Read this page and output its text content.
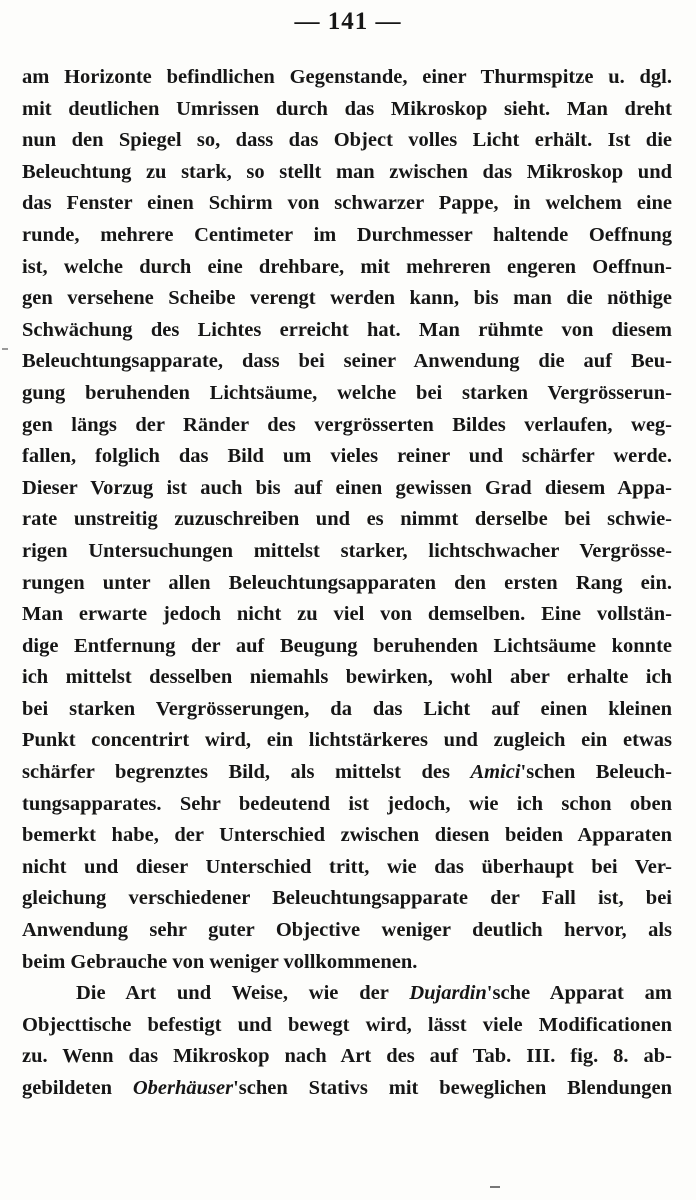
— 141 —
am Horizonte befindlichen Gegenstande, einer Thurmspitze u. dgl.
mit deutlichen Umrissen durch das Mikroskop sieht. Man dreht
nun den Spiegel so, dass das Object volles Licht erhält. Ist die
Beleuchtung zu stark, so stellt man zwischen das Mikroskop und
das Fenster einen Schirm von schwarzer Pappe, in welchem eine
runde, mehrere Centimeter im Durchmesser haltende Oeffnung
ist, welche durch eine drehbare, mit mehreren engeren Oeffnun-
gen versehene Scheibe verengt werden kann, bis man die nöthige
Schwächung des Lichtes erreicht hat. Man rühmte von diesem
Beleuchtungsapparate, dass bei seiner Anwendung die auf Beu-
gung beruhenden Lichtsäume, welche bei starken Vergrösserun-
gen längs der Ränder des vergrösserten Bildes verlaufen, weg-
fallen, folglich das Bild um vieles reiner und schärfer werde.
Dieser Vorzug ist auch bis auf einen gewissen Grad diesem Appa-
rate unstreitig zuzuschreiben und es nimmt derselbe bei schwie-
rigen Untersuchungen mittelst starker, lichtschwacher Vergrösse-
rungen unter allen Beleuchtungsapparaten den ersten Rang ein.
Man erwarte jedoch nicht zu viel von demselben. Eine vollstän-
dige Entfernung der auf Beugung beruhenden Lichtsäume konnte
ich mittelst desselben niemahls bewirken, wohl aber erhalte ich
bei starken Vergrösserungen, da das Licht auf einen kleinen
Punkt concentrirt wird, ein lichtstärkeres und zugleich ein etwas
schärfer begrenztes Bild, als mittelst des Amici'schen Beleuch-
tungsapparates. Sehr bedeutend ist jedoch, wie ich schon oben
bemerkt habe, der Unterschied zwischen diesen beiden Apparaten
nicht und dieser Unterschied tritt, wie das überhaupt bei Ver-
gleichung verschiedener Beleuchtungsapparate der Fall ist, bei
Anwendung sehr guter Objective weniger deutlich hervor, als
beim Gebrauche von weniger vollkommenen.
Die Art und Weise, wie der Dujardin'sche Apparat am
Objecttische befestigt und bewegt wird, lässt viele Modificationen
zu. Wenn das Mikroskop nach Art des auf Tab. III. fig. 8. ab-
gebildeten Oberhäuser'schen Stativs mit beweglichen Blendungen
